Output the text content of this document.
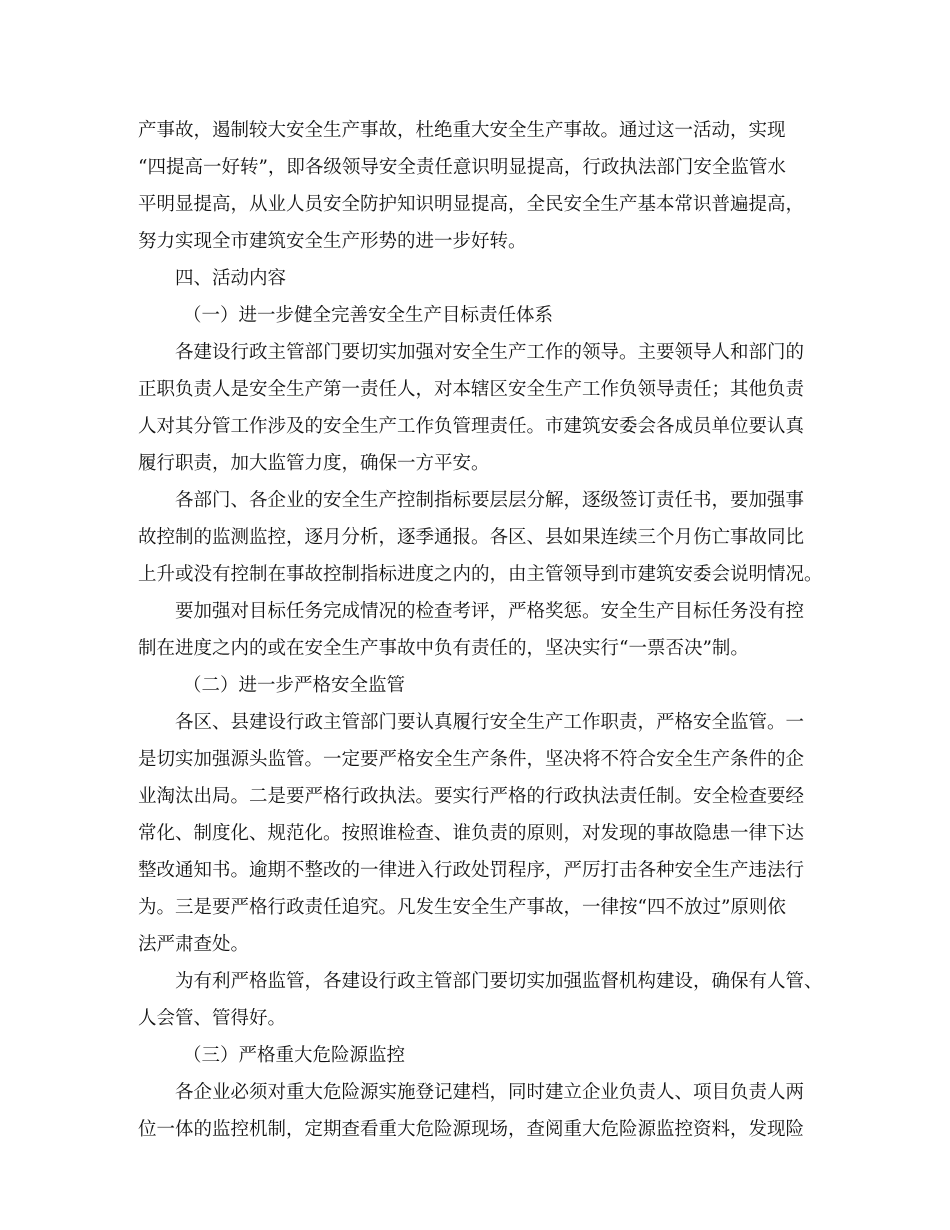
产事故，遏制较大安全生产事故，杜绝重大安全生产事故。通过这一活动，实现
“四提高一好转”，即各级领导安全责任意识明显提高，行政执法部门安全监管水
平明显提高，从业人员安全防护知识明显提高，全民安全生产基本常识普遍提高，
努力实现全市建筑安全生产形势的进一步好转。
四、活动内容
（一）进一步健全完善安全生产目标责任体系
各建设行政主管部门要切实加强对安全生产工作的领导。主要领导人和部门的
正职负责人是安全生产第一责任人，对本辖区安全生产工作负领导责任；其他负责
人对其分管工作涉及的安全生产工作负管理责任。市建筑安委会各成员单位要认真
履行职责，加大监管力度，确保一方平安。
各部门、各企业的安全生产控制指标要层层分解，逐级签订责任书，要加强事
故控制的监测监控，逐月分析，逐季通报。各区、县如果连续三个月伤亡事故同比
上升或没有控制在事故控制指标进度之内的，由主管领导到市建筑安委会说明情况。
要加强对目标任务完成情况的检查考评，严格奖惩。安全生产目标任务没有控
制在进度之内的或在安全生产事故中负有责任的，坚决实行“一票否决”制。
（二）进一步严格安全监管
各区、县建设行政主管部门要认真履行安全生产工作职责，严格安全监管。一
是切实加强源头监管。一定要严格安全生产条件，坚决将不符合安全生产条件的企
业淘汰出局。二是要严格行政执法。要实行严格的行政执法责任制。安全检查要经
常化、制度化、规范化。按照谁检查、谁负责的原则，对发现的事故隐患一律下达
整改通知书。逾期不整改的一律进入行政处罚程序，严厉打击各种安全生产违法行
为。三是要严格行政责任追究。凡发生安全生产事故，一律按“四不放过”原则依
法严肃查处。
为有利严格监管，各建设行政主管部门要切实加强监督机构建设，确保有人管、
人会管、管得好。
（三）严格重大危险源监控
各企业必须对重大危险源实施登记建档，同时建立企业负责人、项目负责人两
位一体的监控机制，定期查看重大危险源现场，查阅重大危险源监控资料，发现险
